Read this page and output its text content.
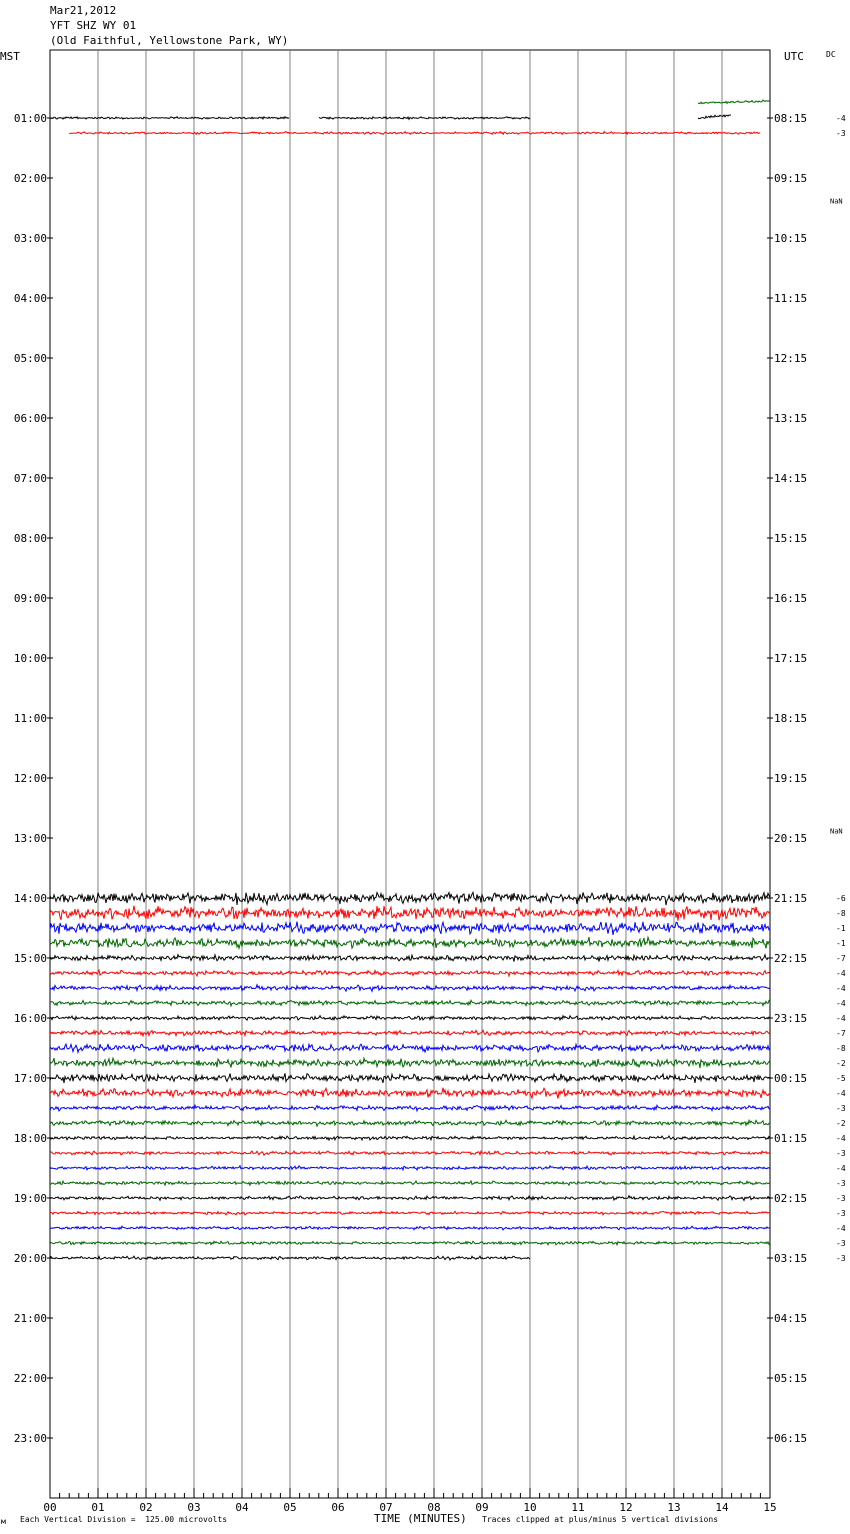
Mar21,2012
YFT SHZ WY 01
(Old Faithful, Yellowstone Park, WY)
MST	UTC	DC
00	01	02	03	04	05	06	07	08	09	10	11	12	13	14	15
01:00
02:00
03:00
04:00
05:00
06:00
07:00
08:00
09:00
10:00
11:00
12:00
13:00
14:00
15:00
16:00
17:00
18:00
19:00
20:00
21:00
22:00
23:00
08:15
09:15
10:15
11:15
12:15
13:15
14:15
15:15
16:15
17:15
18:15
19:15
20:15
21:15
22:15
23:15
00:15
01:15
02:15
03:15
04:15
05:15
06:15
NaN
NaN
-4
-3
-6
-8
-1
-1
-7
-4
-4
-4
-4
-7
-8
-2
-5
-4
-3
-2
-4
-3
-4
-3
-3
-3
-4
-3
-3
м Each Vertical Division =  125.00 microvolts	TIME (MINUTES) Traces clipped at plus/minus 5 vertical divisions
